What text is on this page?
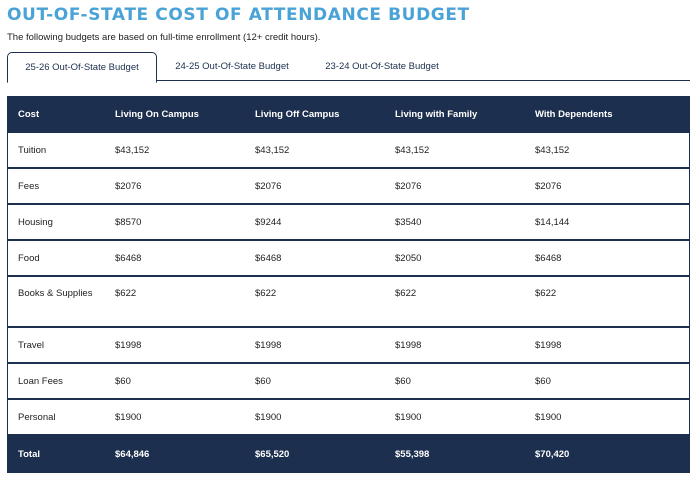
OUT-OF-STATE COST OF ATTENDANCE BUDGET
The following budgets are based on full-time enrollment (12+ credit hours).
25-26 Out-Of-State Budget	24-25 Out-Of-State Budget	23-24 Out-Of-State Budget
Cost	Living On Campus	Living Off Campus	Living with Family	With Dependents
Tuition	$43,152	$43,152	$43,152	$43,152
Fees	$2076	$2076	$2076	$2076
Housing	$8570	$9244	$3540	$14,144
Food	$6468	$6468	$2050	$6468
Books & Supplies	$622	$622	$622	$622
Travel	$1998	$1998	$1998	$1998
Loan Fees	$60	$60	$60	$60
Personal	$1900	$1900	$1900	$1900
Total	$64,846	$65,520	$55,398	$70,420
